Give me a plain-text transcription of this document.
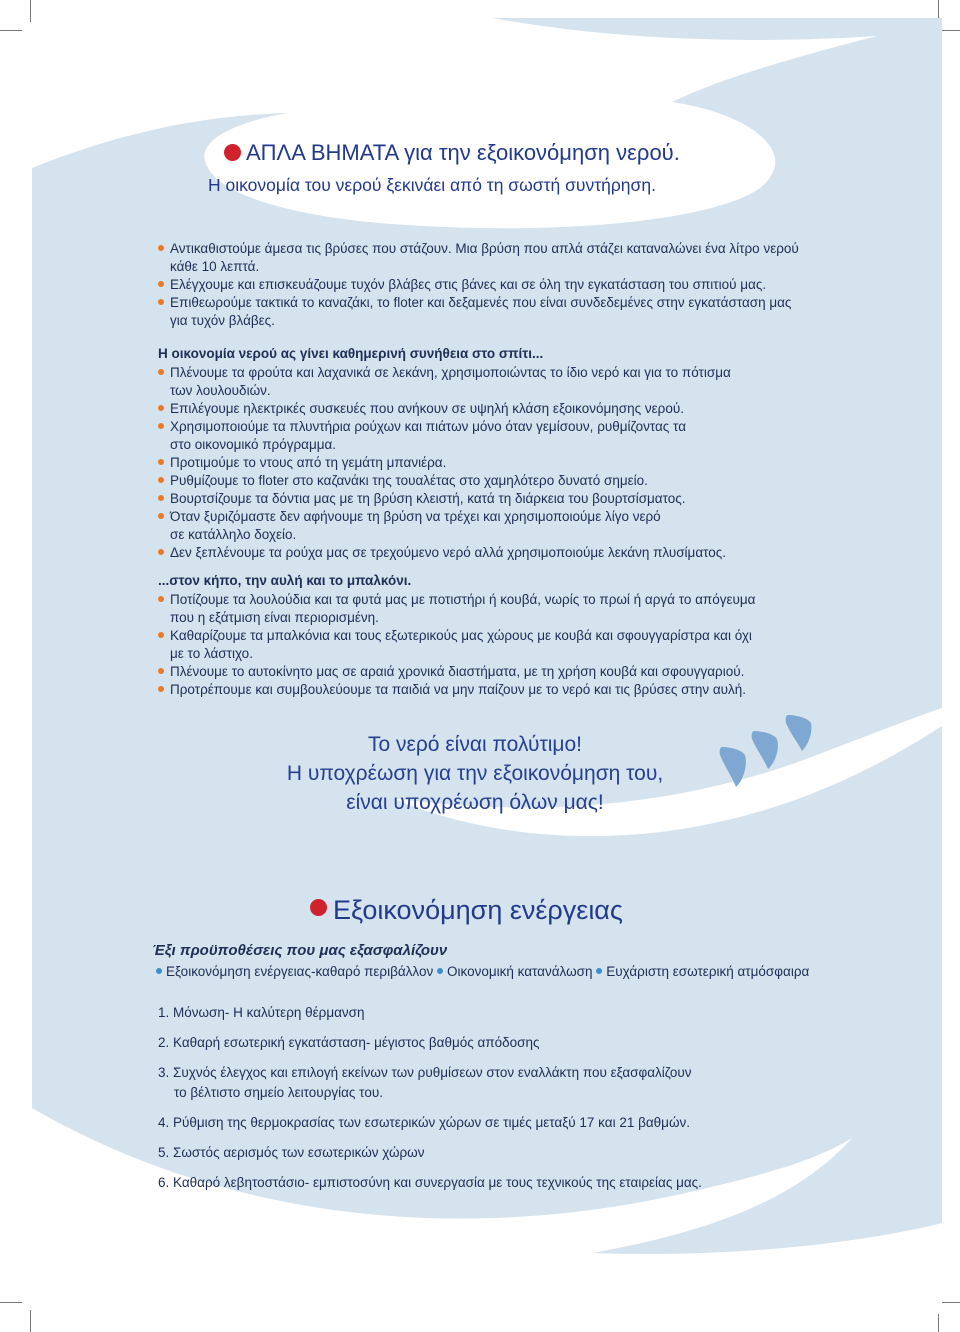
ΑΠΛΑ ΒΗΜΑΤΑ για την εξοικονόμηση νερού.
Η οικονομία του νερού ξεκινάει από τη σωστή συντήρηση.
Αντικαθιστούμε άμεσα τις βρύσες που στάζουν. Μια βρύση που απλά στάζει καταναλώνει ένα λίτρο νερού
κάθε 10 λεπτά.
Ελέγχουμε και επισκευάζουμε τυχόν βλάβες στις βάνες και σε όλη την εγκατάσταση του σπιτιού μας.
Επιθεωρούμε τακτικά το καναζάκι, το floter και δεξαμενές που είναι συνδεδεμένες στην εγκατάσταση μας
για τυχόν βλάβες.
Η οικονομία νερού ας γίνει καθημερινή συνήθεια στο σπίτι...
Πλένουμε τα φρούτα και λαχανικά σε λεκάνη, χρησιμοποιώντας το ίδιο νερό και για το πότισμα
των λουλουδιών.
Επιλέγουμε ηλεκτρικές συσκευές που ανήκουν σε υψηλή κλάση εξοικονόμησης νερού.
Χρησιμοποιούμε τα πλυντήρια ρούχων και πιάτων μόνο όταν γεμίσουν, ρυθμίζοντας τα
στο οικονομικό πρόγραμμα.
Προτιμούμε το ντους από τη γεμάτη μπανιέρα.
Ρυθμίζουμε το floter στο καζανάκι της τουαλέτας στο χαμηλότερο δυνατό σημείο.
Βουρτσίζουμε τα δόντια μας με τη βρύση κλειστή, κατά τη διάρκεια του βουρτσίσματος.
Όταν ξυριζόμαστε δεν αφήνουμε τη βρύση να τρέχει και χρησιμοποιούμε λίγο νερό
σε κατάλληλο δοχείο.
Δεν ξεπλένουμε τα ρούχα μας σε τρεχούμενο νερό αλλά χρησιμοποιούμε λεκάνη πλυσίματος.
...στον κήπο, την αυλή και το μπαλκόνι.
Ποτίζουμε τα λουλούδια και τα φυτά μας με ποτιστήρι ή κουβά, νωρίς το πρωί ή αργά το απόγευμα
που η εξάτμιση είναι περιορισμένη.
Καθαρίζουμε τα μπαλκόνια και τους εξωτερικούς μας χώρους με κουβά και σφουγγαρίστρα και όχι
με το λάστιχο.
Πλένουμε το αυτοκίνητο μας σε αραιά χρονικά διαστήματα, με τη χρήση κουβά και σφουγγαριού.
Προτρέπουμε και συμβουλεύουμε τα παιδιά να μην παίζουν με το νερό και τις βρύσες στην αυλή.
Το νερό είναι πολύτιμο!
Η υποχρέωση για την εξοικονόμηση του,
είναι υποχρέωση όλων μας!
Εξοικονόμηση ενέργειας
Έξι προϋποθέσεις που μας εξασφαλίζουν
Εξοικονόμηση ενέργειας-καθαρό περιβάλλον Οικονομική κατανάλωση Ευχάριστη εσωτερική ατμόσφαιρα
1. Μόνωση- Η καλύτερη θέρμανση
2. Καθαρή εσωτερική εγκατάσταση- μέγιστος βαθμός απόδοσης
3. Συχνός έλεγχος και επιλογή εκείνων των ρυθμίσεων στον εναλλάκτη που εξασφαλίζουν
το βέλτιστο σημείο λειτουργίας του.
4. Ρύθμιση της θερμοκρασίας των εσωτερικών χώρων σε τιμές μεταξύ 17 και 21 βαθμών.
5. Σωστός αερισμός των εσωτερικών χώρων
6. Καθαρό λεβητοστάσιο- εμπιστοσύνη και συνεργασία με τους τεχνικούς της εταιρείας μας.
